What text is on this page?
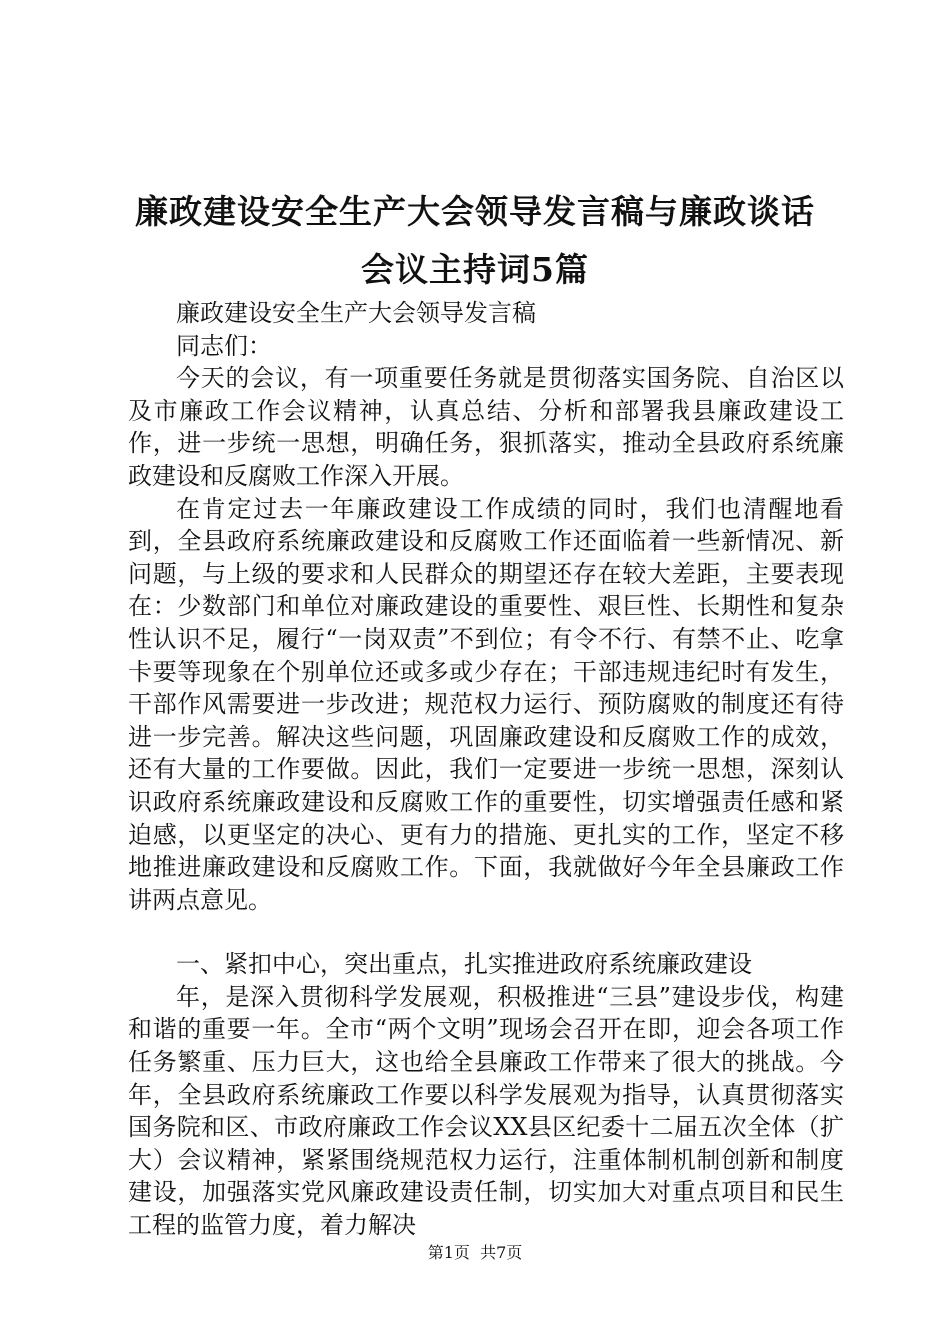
廉政建设安全生产大会领导发言稿与廉政谈话
会议主持词5篇

廉政建设安全生产大会领导发言稿

同志们：

今天的会议，有一项重要任务就是贯彻落实国务院、自治区以及市廉政工作会议精神，认真总结、分析和部署我县廉政建设工作，进一步统一思想，明确任务，狠抓落实，推动全县政府系统廉政建设和反腐败工作深入开展。

在肯定过去一年廉政建设工作成绩的同时，我们也清醒地看到，全县政府系统廉政建设和反腐败工作还面临着一些新情况、新问题，与上级的要求和人民群众的期望还存在较大差距，主要表现在：少数部门和单位对廉政建设的重要性、艰巨性、长期性和复杂性认识不足，履行“一岗双责”不到位；有令不行、有禁不止、吃拿卡要等现象在个别单位还或多或少存在；干部违规违纪时有发生，干部作风需要进一步改进；规范权力运行、预防腐败的制度还有待进一步完善。解决这些问题，巩固廉政建设和反腐败工作的成效，还有大量的工作要做。因此，我们一定要进一步统一思想，深刻认识政府系统廉政建设和反腐败工作的重要性，切实增强责任感和紧迫感，以更坚定的决心、更有力的措施、更扎实的工作，坚定不移地推进廉政建设和反腐败工作。下面，我就做好今年全县廉政工作讲两点意见。

一、紧扣中心，突出重点，扎实推进政府系统廉政建设

年，是深入贯彻科学发展观，积极推进“三县”建设步伐，构建和谐的重要一年。全市“两个文明”现场会召开在即，迎会各项工作任务繁重、压力巨大，这也给全县廉政工作带来了很大的挑战。今年，全县政府系统廉政工作要以科学发展观为指导，认真贯彻落实国务院和区、市政府廉政工作会议XX县区纪委十二届五次全体（扩大）会议精神，紧紧围绕规范权力运行，注重体制机制创新和制度建设，加强落实党风廉政建设责任制，切实加大对重点项目和民生工程的监管力度，着力解决

第1页  共7页
